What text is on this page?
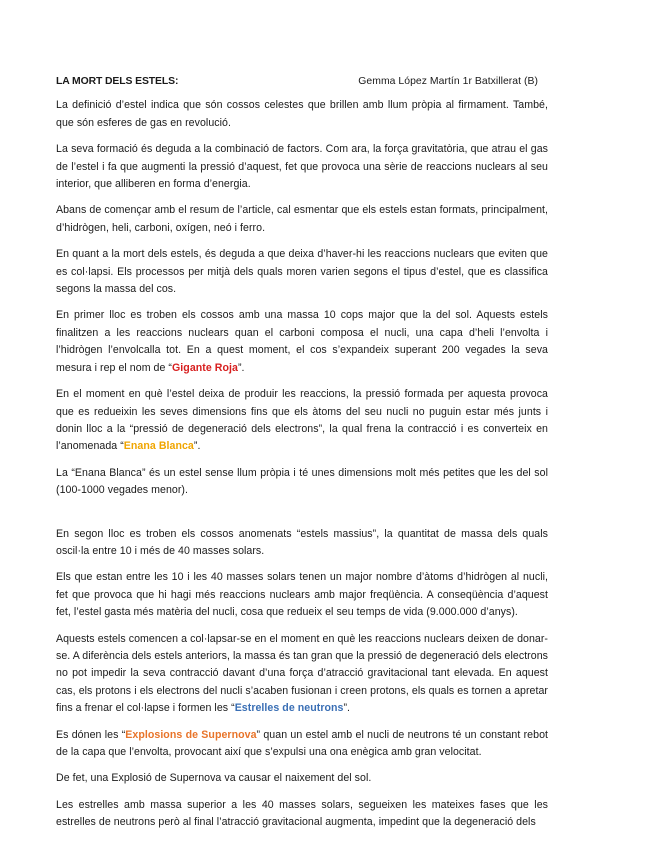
LA MORT DELS ESTELS:	Gemma López Martín 1r Batxillerat (B)

La definició d’estel indica que són cossos celestes que brillen amb llum pròpia al firmament. També, que són esferes de gas en revolució.

La seva formació és deguda a la combinació de factors. Com ara, la força gravitatòria, que atrau el gas de l’estel i fa que augmenti la pressió d’aquest, fet que provoca una sèrie de reaccions nuclears al seu interior, que alliberen en forma d’energia.

Abans de començar amb el resum de l’article, cal esmentar que els estels estan formats, principalment, d’hidrògen, heli, carboni, oxígen, neó i ferro.

En quant a la mort dels estels, és deguda a que deixa d’haver-hi les reaccions nuclears que eviten que es col·lapsi. Els processos per mitjà dels quals moren varien segons el tipus d’estel, que es classifica segons la massa del cos.

En primer lloc es troben els cossos amb una massa 10 cops major que la del sol. Aquests estels finalitzen a les reaccions nuclears quan el carboni composa el nucli, una capa d’heli l’envolta i l’hidrògen l’envolcalla tot. En a quest moment, el cos s’expandeix superant 200 vegades la seva mesura i rep el nom de “Gigante Roja”.

En el moment en què l’estel deixa de produir les reaccions, la pressió formada per aquesta provoca que es redueixin les seves dimensions fins que els àtoms del seu nucli no puguin estar més junts i donin lloc a la “pressió de degeneració dels electrons”, la qual frena la contracció i es converteix en l’anomenada “Enana Blanca”.

La “Enana Blanca” és un estel sense llum pròpia i té unes dimensions molt més petites que les del sol (100-1000 vegades menor).

En segon lloc es troben els cossos anomenats “estels massius”, la quantitat de massa dels quals oscil·la entre 10 i més de 40 masses solars.

Els que estan entre les 10 i les 40 masses solars tenen un major nombre d’àtoms d’hidrògen al nucli, fet que provoca que hi hagi més reaccions nuclears amb major freqüència. A conseqüència d’aquest fet, l’estel gasta més matèria del nucli, cosa que redueix el seu temps de vida (9.000.000 d’anys).

Aquests estels comencen a col·lapsar-se en el moment en què les reaccions nuclears deixen de donar-se. A diferència dels estels anteriors, la massa és tan gran que la pressió de degeneració dels electrons no pot impedir la seva contracció davant d’una força d’atracció gravitacional tant elevada. En aquest cas, els protons i els electrons del nucli s’acaben fusionan i creen protons, els quals es tornen a apretar fins a frenar el col·lapse i formen les “Estrelles de neutrons”.

Es dónen les “Explosions de Supernova” quan un estel amb el nucli de neutrons té un constant rebot de la capa que l’envolta, provocant així que s’expulsi una ona enègica amb gran velocitat.

De fet, una Explosió de Supernova va causar el naixement del sol.

Les estrelles amb massa superior a les 40 masses solars, segueixen les mateixes fases que les estrelles de neutrons però al final l’atracció gravitacional augmenta, impedint que la degeneració dels
